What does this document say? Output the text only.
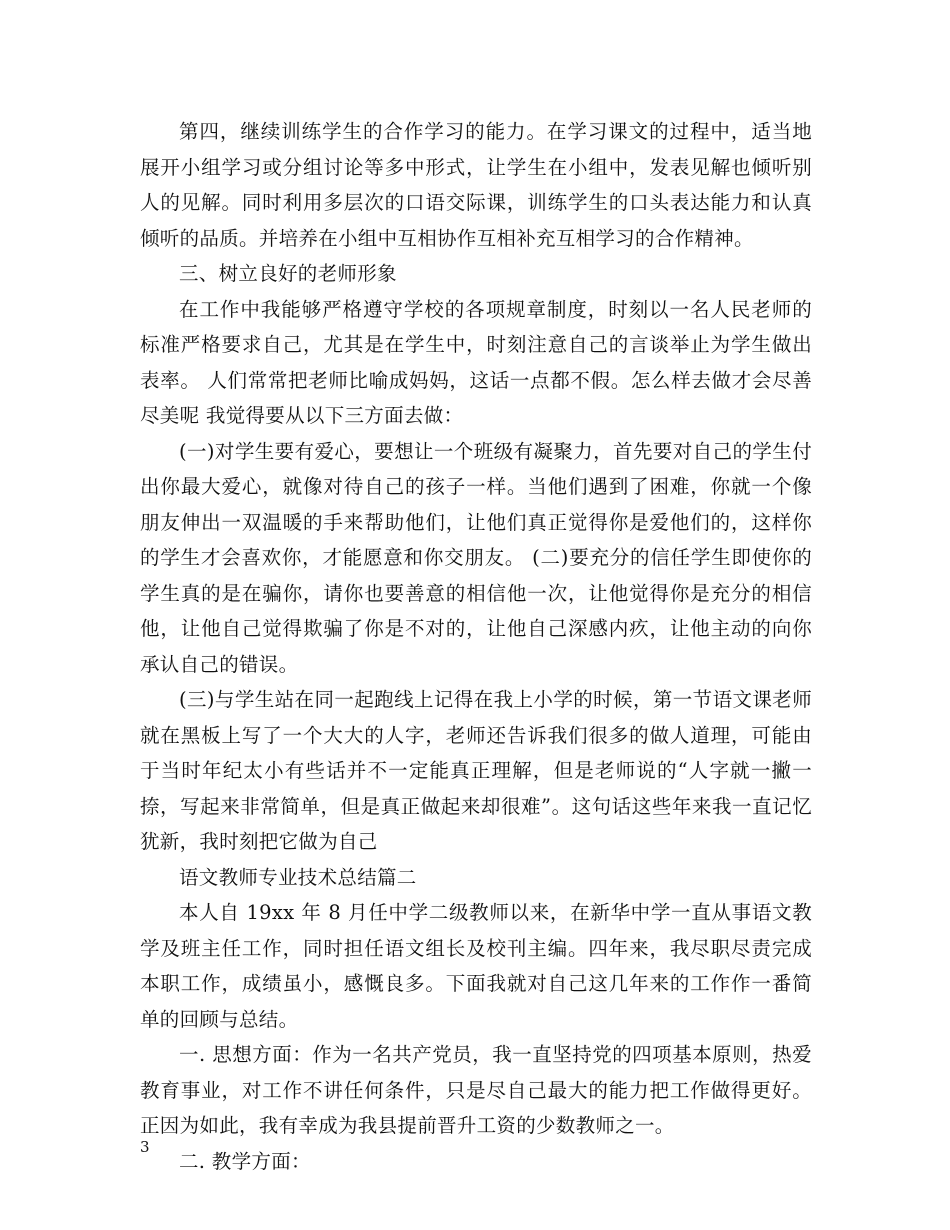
第四，继续训练学生的合作学习的能力。在学习课文的过程中，适当地展开小组学习或分组讨论等多中形式，让学生在小组中，发表见解也倾听别人的见解。同时利用多层次的口语交际课，训练学生的口头表达能力和认真倾听的品质。并培养在小组中互相协作互相补充互相学习的合作精神。

三、树立良好的老师形象

在工作中我能够严格遵守学校的各项规章制度，时刻以一名人民老师的标准严格要求自己，尤其是在学生中，时刻注意自己的言谈举止为学生做出表率。 人们常常把老师比喻成妈妈，这话一点都不假。怎么样去做才会尽善尽美呢 我觉得要从以下三方面去做：

(一)对学生要有爱心，要想让一个班级有凝聚力，首先要对自己的学生付出你最大爱心，就像对待自己的孩子一样。当他们遇到了困难，你就一个像朋友伸出一双温暖的手来帮助他们，让他们真正觉得你是爱他们的，这样你的学生才会喜欢你，才能愿意和你交朋友。 (二)要充分的信任学生即使你的学生真的是在骗你，请你也要善意的相信他一次，让他觉得你是充分的相信他，让他自己觉得欺骗了你是不对的，让他自己深感内疚，让他主动的向你承认自己的错误。

(三)与学生站在同一起跑线上记得在我上小学的时候，第一节语文课老师就在黑板上写了一个大大的人字，老师还告诉我们很多的做人道理，可能由于当时年纪太小有些话并不一定能真正理解，但是老师说的“人字就一撇一捺，写起来非常简单，但是真正做起来却很难”。这句话这些年来我一直记忆犹新，我时刻把它做为自己

语文教师专业技术总结篇二

本人自 19xx 年 8 月任中学二级教师以来，在新华中学一直从事语文教学及班主任工作，同时担任语文组长及校刊主编。四年来，我尽职尽责完成本职工作，成绩虽小，感慨良多。下面我就对自己这几年来的工作作一番简单的回顾与总结。

一. 思想方面：作为一名共产党员，我一直坚持党的四项基本原则，热爱教育事业，对工作不讲任何条件，只是尽自己最大的能力把工作做得更好。正因为如此，我有幸成为我县提前晋升工资的少数教师之一。

二. 教学方面：

3
